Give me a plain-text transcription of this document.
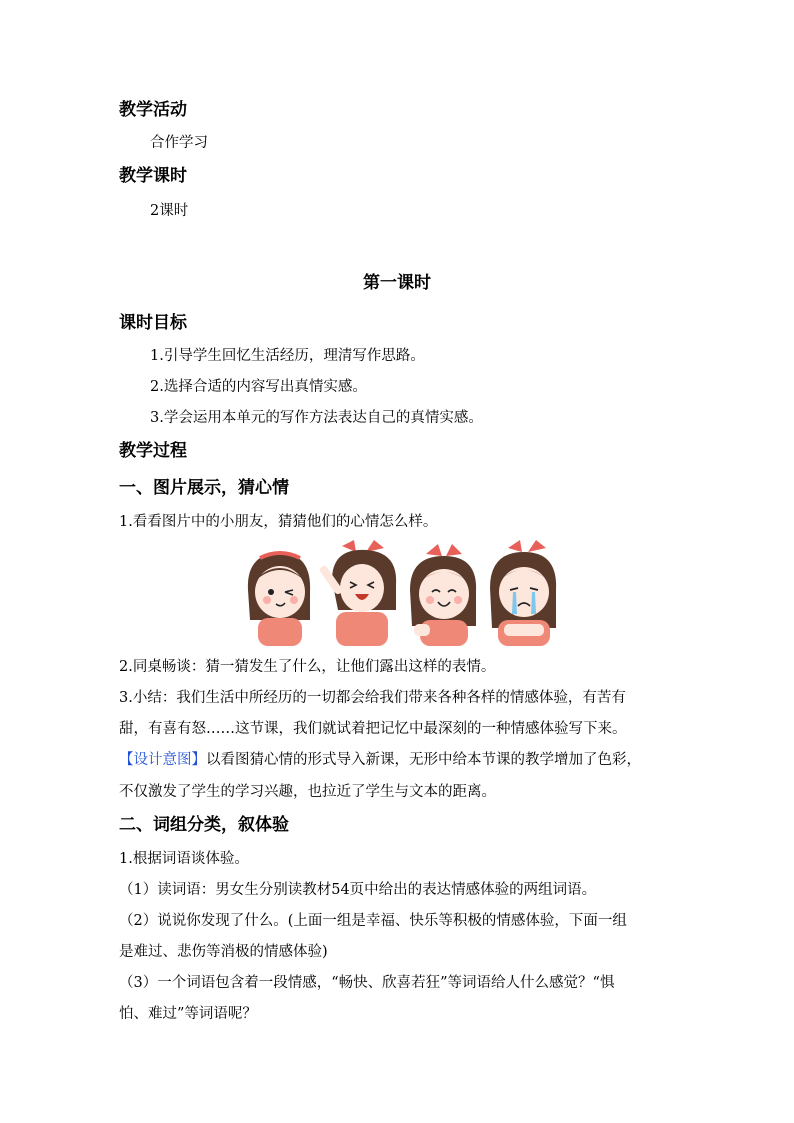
教学活动
合作学习
教学课时
2课时
第一课时
课时目标
1.引导学生回忆生活经历，理清写作思路。
2.选择合适的内容写出真情实感。
3.学会运用本单元的写作方法表达自己的真情实感。
教学过程
一、图片展示，猜心情
1.看看图片中的小朋友，猜猜他们的心情怎么样。
2.同桌畅谈：猜一猜发生了什么，让他们露出这样的表情。
3.小结：我们生活中所经历的一切都会给我们带来各种各样的情感体验，有苦有
甜，有喜有怒……这节课，我们就试着把记忆中最深刻的一种情感体验写下来。
【设计意图】以看图猜心情的形式导入新课，无形中给本节课的教学增加了色彩，
不仅激发了学生的学习兴趣，也拉近了学生与文本的距离。
二、词组分类，叙体验
1.根据词语谈体验。
（1）读词语：男女生分别读教材54页中给出的表达情感体验的两组词语。
（2）说说你发现了什么。(上面一组是幸福、快乐等积极的情感体验，下面一组
是难过、悲伤等消极的情感体验)
（3）一个词语包含着一段情感，“畅快、欣喜若狂”等词语给人什么感觉？“惧
怕、难过”等词语呢？
